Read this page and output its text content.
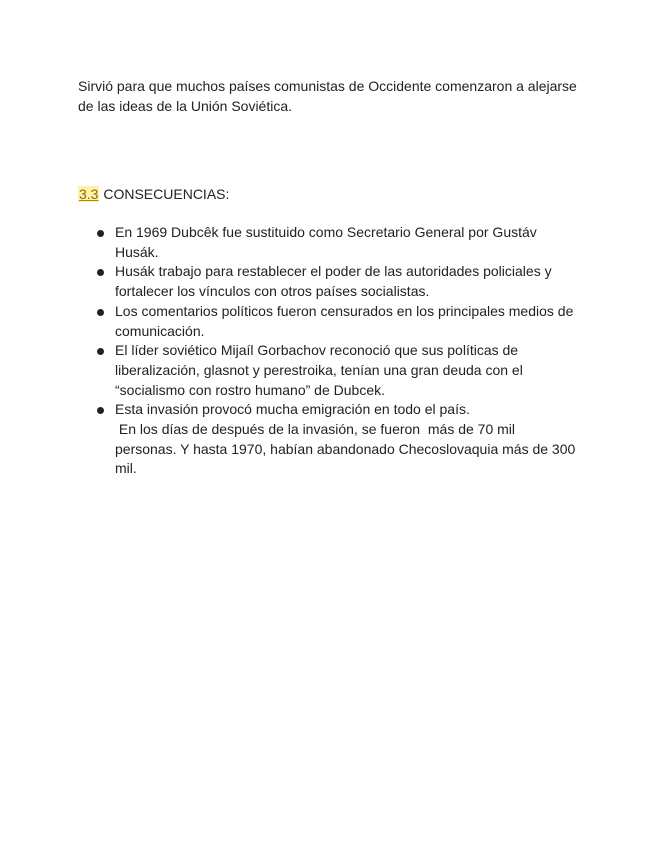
Sirvió para que muchos países comunistas de Occidente comenzaron a alejarse de las ideas de la Unión Soviética.

3.3 CONSECUENCIAS:
En 1969 Dubcêk fue sustituido como Secretario General por Gustáv Husák.
Husák trabajo para restablecer el poder de las autoridades policiales y fortalecer los vínculos con otros países socialistas.
Los comentarios políticos fueron censurados en los principales medios de comunicación.
El líder soviético Mijaíl Gorbachov reconoció que sus políticas de liberalización, glasnot y perestroika, tenían una gran deuda con el “socialismo con rostro humano” de Dubcek.
Esta invasión provocó mucha emigración en todo el país.
En los días de después de la invasión, se fueron  más de 70 mil personas. Y hasta 1970, habían abandonado Checoslovaquia más de 300 mil.
